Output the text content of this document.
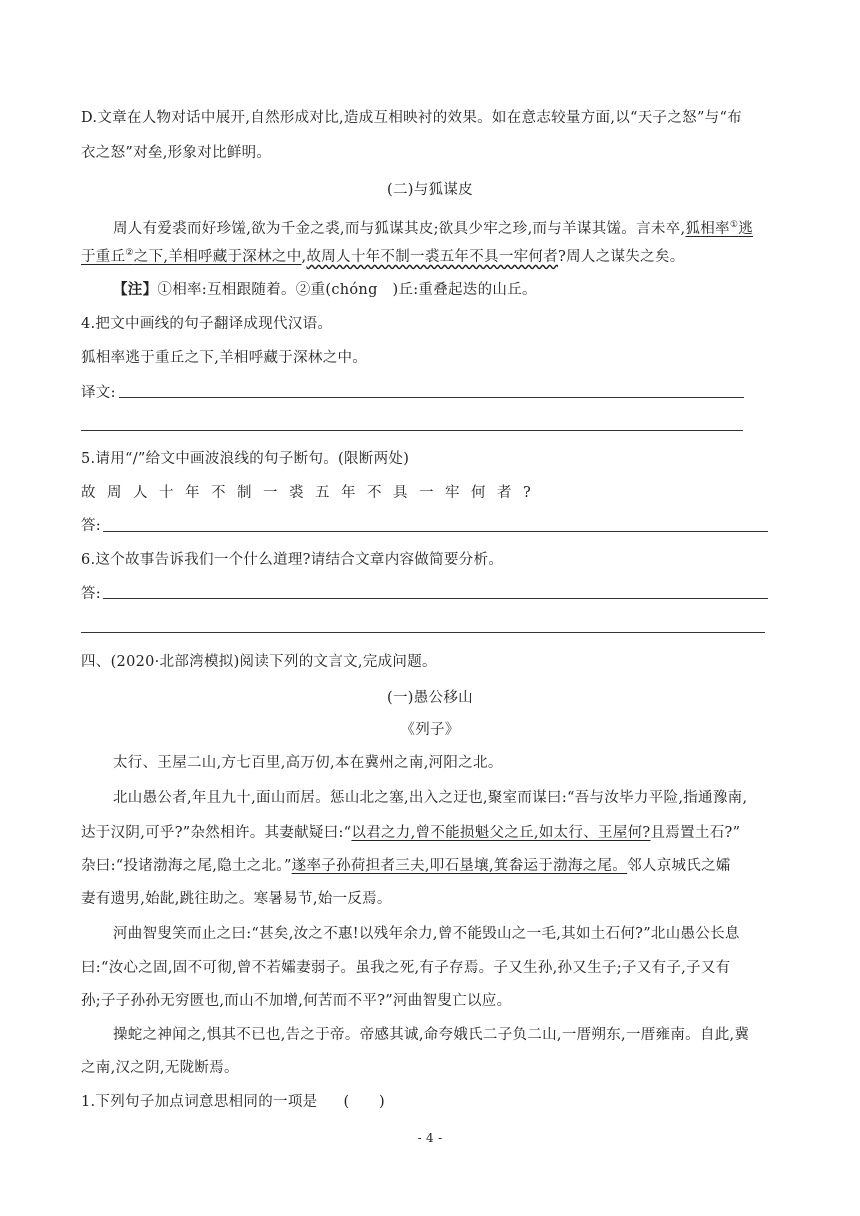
D.文章在人物对话中展开,自然形成对比,造成互相映衬的效果。如在意志较量方面,以“天子之怒”与“布
衣之怒”对垒,形象对比鲜明。
(二)与狐谋皮
周人有爱裘而好珍馐,欲为千金之裘,而与狐谋其皮;欲具少牢之珍,而与羊谋其馐。言未卒,狐相率①逃
于重丘②之下,羊相呼藏于深林之中,故周人十年不制一裘五年不具一牢何者?周人之谋失之矣。
【注】①相率:互相跟随着。②重(chóng　)丘:重叠起迭的山丘。
4.把文中画线的句子翻译成现代汉语。
狐相率逃于重丘之下,羊相呼藏于深林之中。
译文:
5.请用“/”给文中画波浪线的句子断句。(限断两处)
故周人十年不制一裘五年不具一牢何者?
答:
6.这个故事告诉我们一个什么道理?请结合文章内容做简要分析。
答:
四、(2020·北部湾模拟)阅读下列的文言文,完成问题。
(一)愚公移山
《列子》
太行、王屋二山,方七百里,高万仞,本在冀州之南,河阳之北。
北山愚公者,年且九十,面山而居。惩山北之塞,出入之迂也,聚室而谋曰:“吾与汝毕力平险,指通豫南,
达于汉阴,可乎?”杂然相许。其妻献疑曰:“以君之力,曾不能损魁父之丘,如太行、王屋何?且焉置土石?”
杂曰:“投诸渤海之尾,隐土之北。”遂率子孙荷担者三夫,叩石垦壤,箕畚运于渤海之尾。邻人京城氏之孀
妻有遗男,始龀,跳往助之。寒暑易节,始一反焉。
河曲智叟笑而止之曰:“甚矣,汝之不惠!以残年余力,曾不能毁山之一毛,其如土石何?”北山愚公长息
曰:“汝心之固,固不可彻,曾不若孀妻弱子。虽我之死,有子存焉。子又生孙,孙又生子;子又有子,子又有
孙;子子孙孙无穷匮也,而山不加增,何苦而不平?”河曲智叟亡以应。
操蛇之神闻之,惧其不已也,告之于帝。帝感其诚,命夸娥氏二子负二山,一厝朔东,一厝雍南。自此,冀
之南,汉之阴,无陇断焉。
1.下列句子加点词意思相同的一项是 (　　)
- 4 -
